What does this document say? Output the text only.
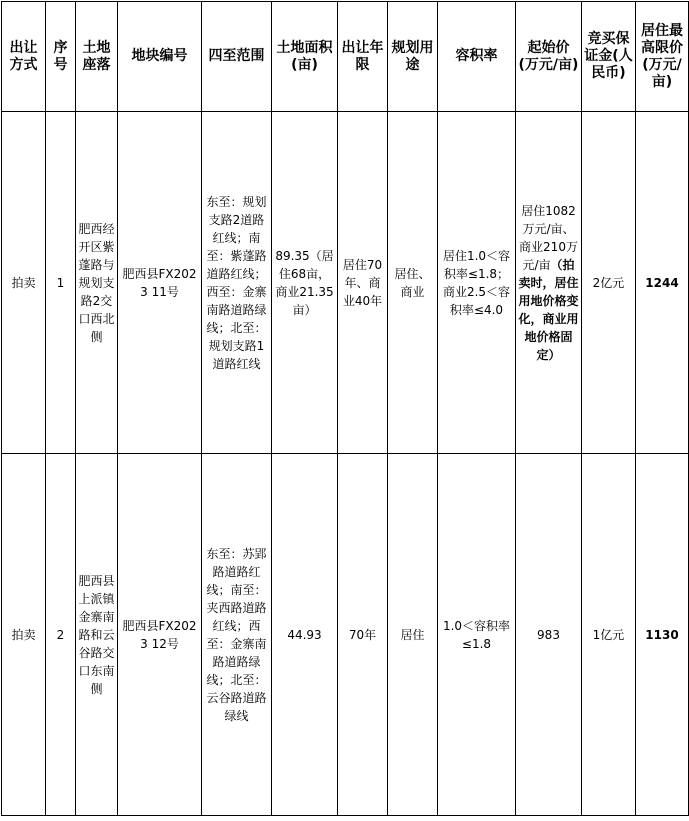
出让方式	序号	土地座落	地块编号	四至范围	土地面积(亩)	出让年限	规划用途	容积率	起始价(万元/亩)	竞买保证金(人民币)	居住最高限价(万元/亩)
拍卖	1	肥西经开区紫蓬路与规划支路2交口西北侧	肥西县FX2023 11号	东至：规划支路2道路红线；南至：紫蓬路道路红线；西至：金寨南路道路绿线；北至：规划支路1道路红线	89.35（居住68亩，商业21.35亩）	居住70年、商业40年	居住、商业	居住1.0＜容积率≤1.8；商业2.5＜容积率≤4.0	居住1082万元/亩、商业210万元/亩（拍卖时，居住用地价格变化，商业用地价格固定）	2亿元	1244
拍卖	2	肥西县上派镇金寨南路和云谷路交口东南侧	肥西县FX2023 12号	东至：苏郢路道路红线；南至：夹西路道路红线；西至：金寨南路道路绿线；北至：云谷路道路绿线	44.93	70年	居住	1.0＜容积率≤1.8	983	1亿元	1130
